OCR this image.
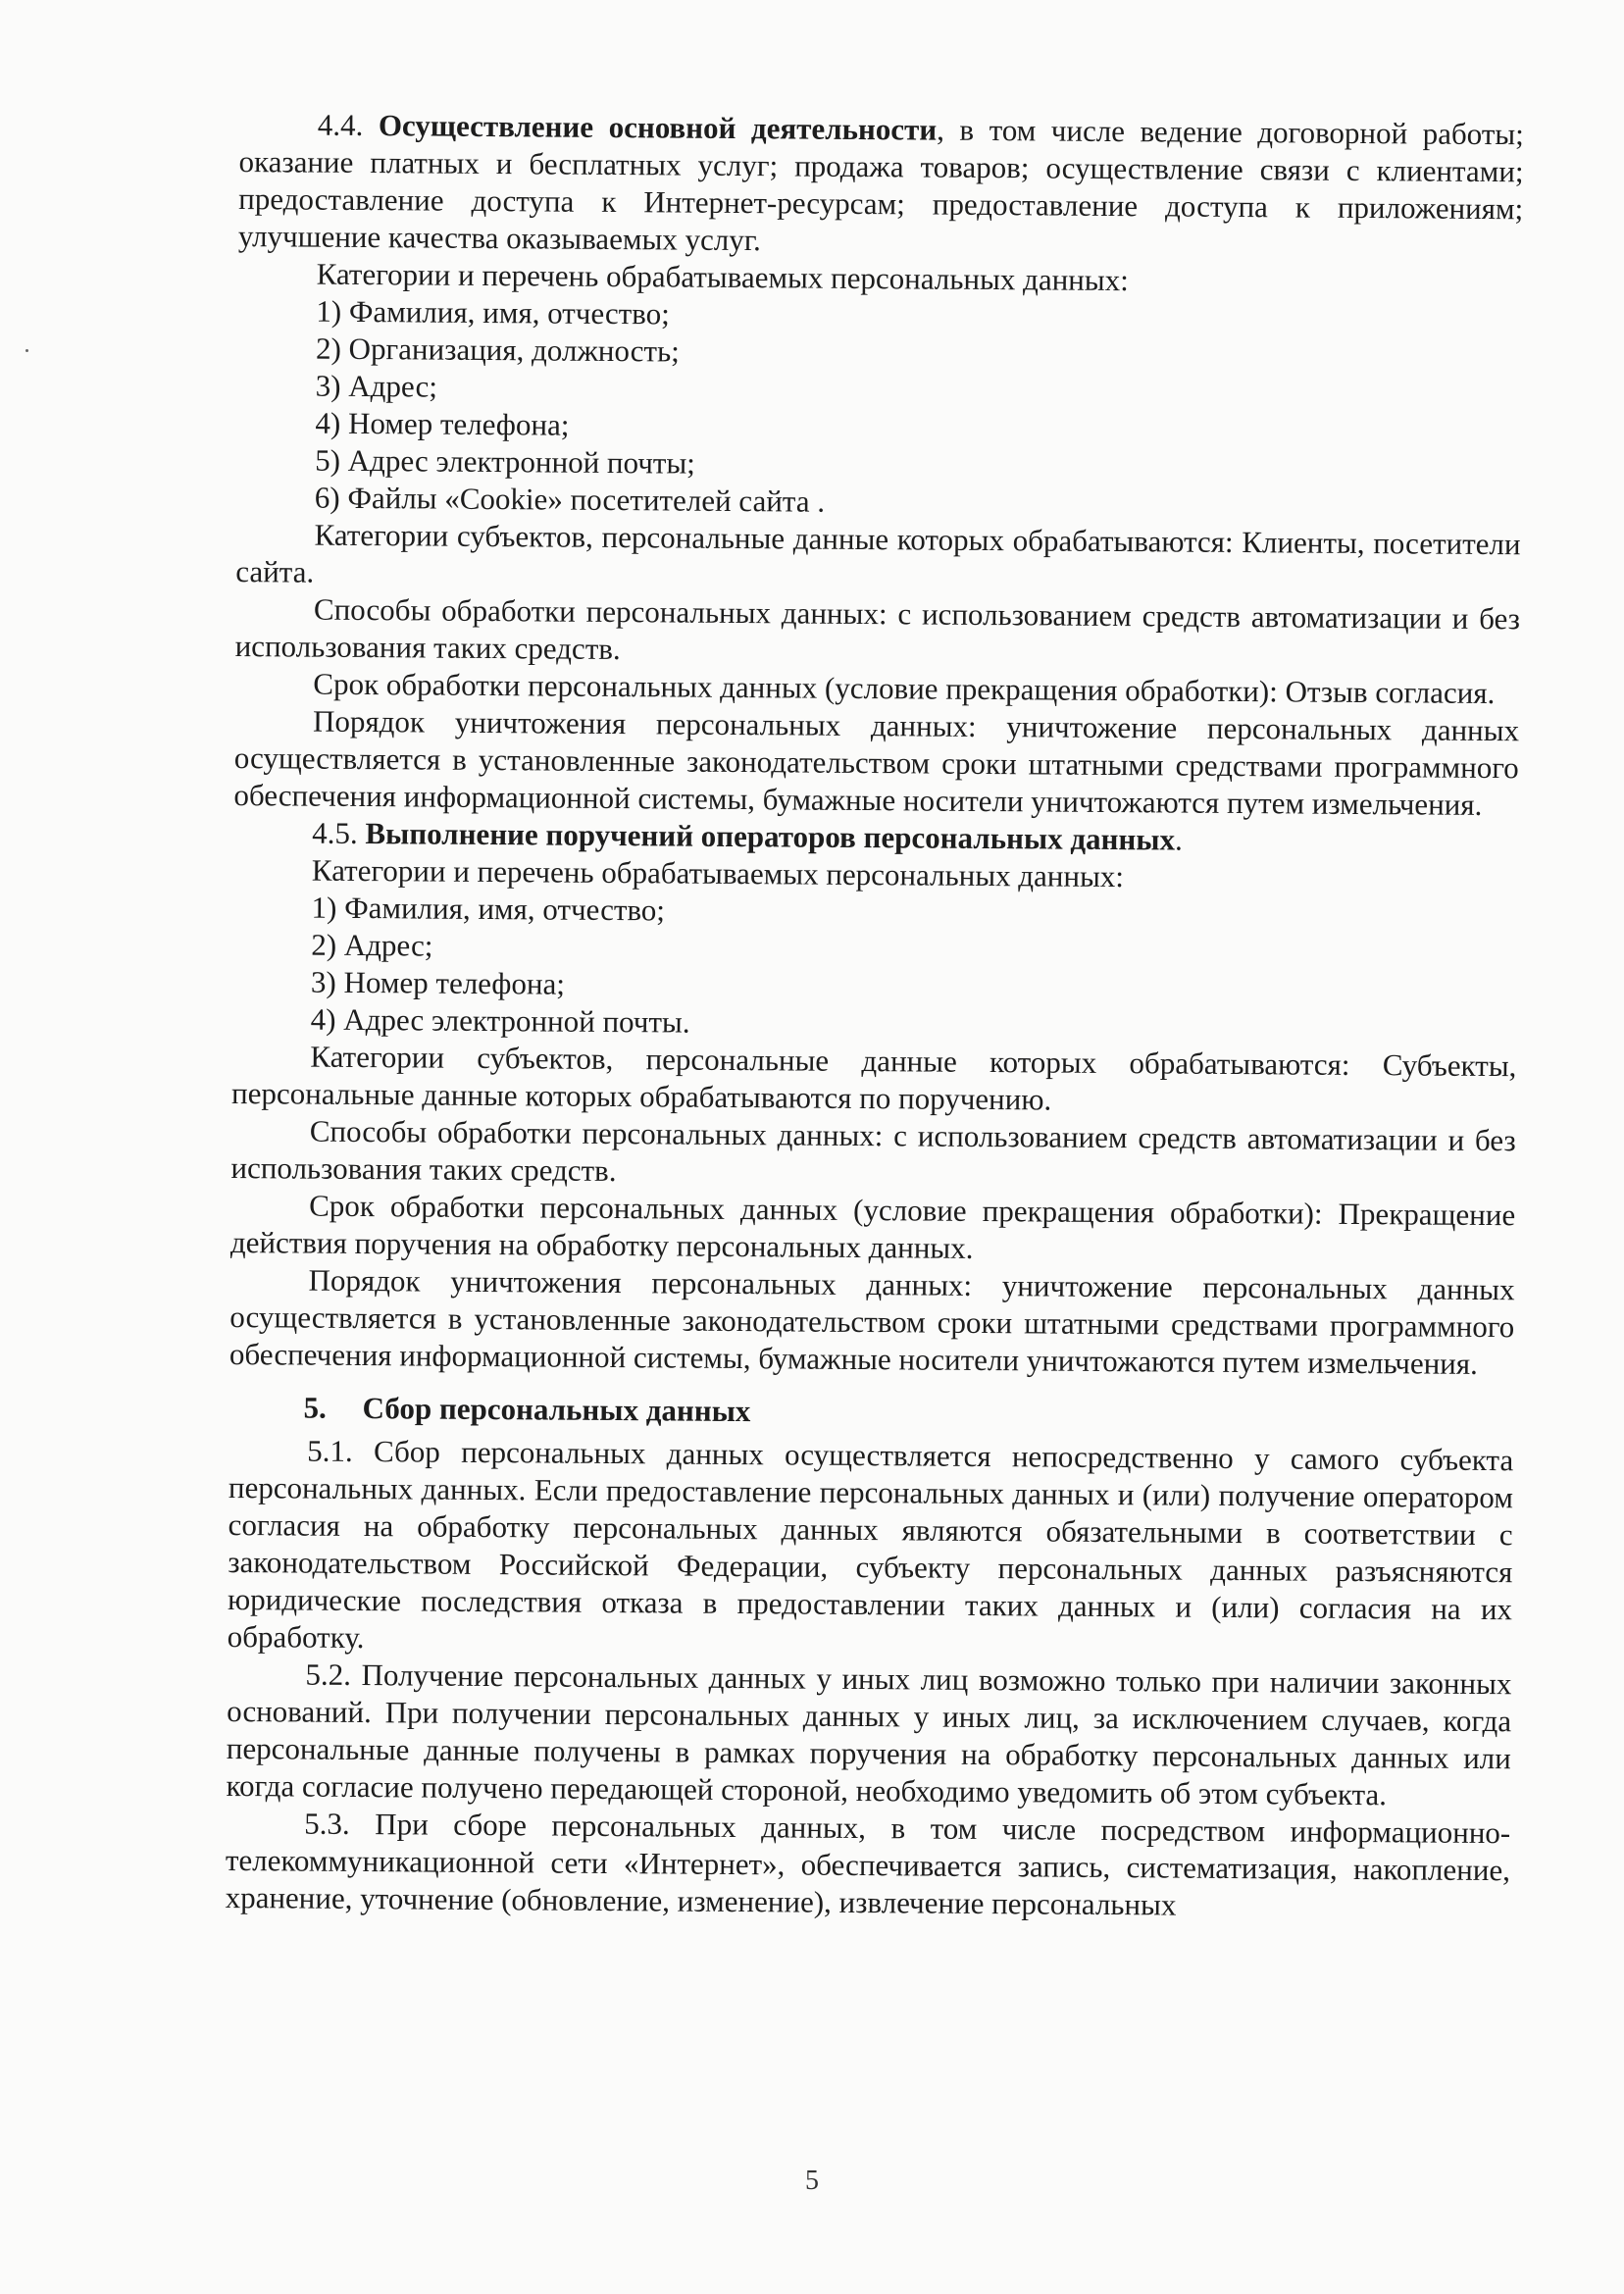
4.4. Осуществление основной деятельности, в том числе ведение договорной работы; оказание платных и бесплатных услуг; продажа товаров; осуществление связи с клиентами; предоставление доступа к Интернет-ресурсам; предоставление доступа к приложениям; улучшение качества оказываемых услуг.

Категории и перечень обрабатываемых персональных данных:

1) Фамилия, имя, отчество;

2) Организация, должность;

3) Адрес;

4) Номер телефона;

5) Адрес электронной почты;

6) Файлы «Cookie» посетителей сайта .

Категории субъектов, персональные данные которых обрабатываются: Клиенты, посетители сайта.

Способы обработки персональных данных: с использованием средств автоматизации и без использования таких средств.

Срок обработки персональных данных (условие прекращения обработки): Отзыв согласия.

Порядок уничтожения персональных данных: уничтожение персональных данных осуществляется в установленные законодательством сроки штатными средствами программного обеспечения информационной системы, бумажные носители уничтожаются путем измельчения.

4.5. Выполнение поручений операторов персональных данных.

Категории и перечень обрабатываемых персональных данных:

1) Фамилия, имя, отчество;

2) Адрес;

3) Номер телефона;

4) Адрес электронной почты.

Категории субъектов, персональные данные которых обрабатываются: Субъекты, персональные данные которых обрабатываются по поручению.

Способы обработки персональных данных: с использованием средств автоматизации и без использования таких средств.

Срок обработки персональных данных (условие прекращения обработки): Прекращение действия поручения на обработку персональных данных.

Порядок уничтожения персональных данных: уничтожение персональных данных осуществляется в установленные законодательством сроки штатными средствами программного обеспечения информационной системы, бумажные носители уничтожаются путем измельчения.

5. Сбор персональных данных

5.1. Сбор персональных данных осуществляется непосредственно у самого субъекта персональных данных. Если предоставление персональных данных и (или) получение оператором согласия на обработку персональных данных являются обязательными в соответствии с законодательством Российской Федерации, субъекту персональных данных разъясняются юридические последствия отказа в предоставлении таких данных и (или) согласия на их обработку.

5.2. Получение персональных данных у иных лиц возможно только при наличии законных оснований. При получении персональных данных у иных лиц, за исключением случаев, когда персональные данные получены в рамках поручения на обработку персональных данных или когда согласие получено передающей стороной, необходимо уведомить об этом субъекта.

5.3. При сборе персональных данных, в том числе посредством информационно-телекоммуникационной сети «Интернет», обеспечивается запись, систематизация, накопление, хранение, уточнение (обновление, изменение), извлечение персональных

5
